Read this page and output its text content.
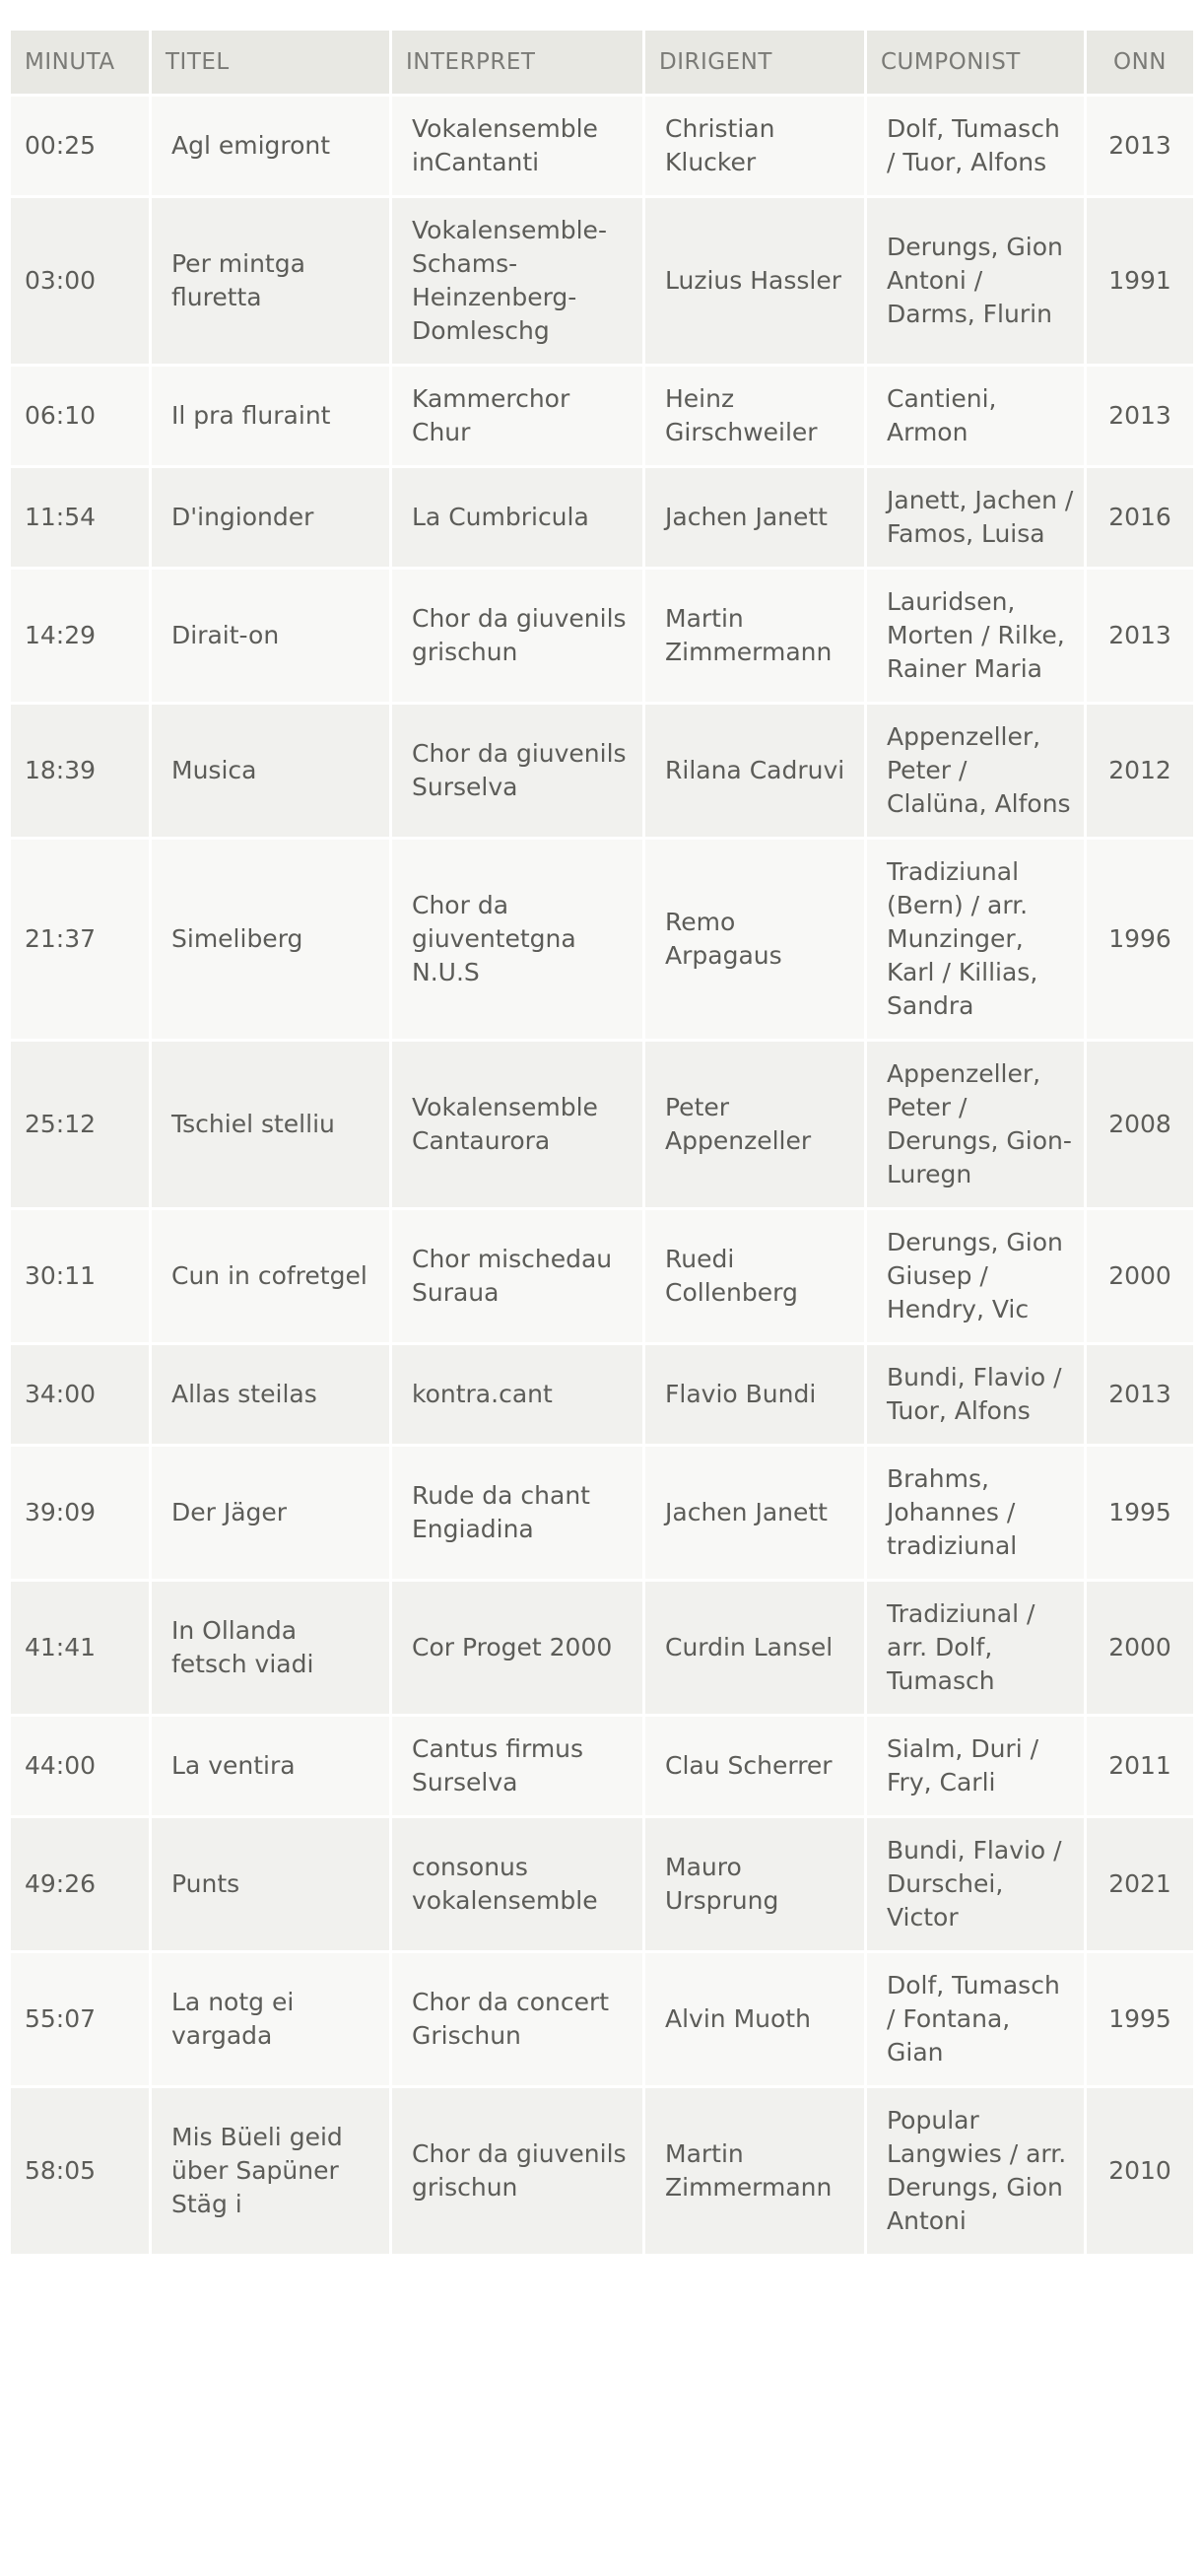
MINUTA	TITEL	INTERPRET	DIRIGENT	CUMPONIST	ONN
00:25	Agl emigront	Vokalensemble inCantanti	Christian Klucker	Dolf, Tumasch / Tuor, Alfons	2013
03:00	Per mintga fluretta	Vokalensemble-Schams-Heinzenberg-Domleschg	Luzius Hassler	Derungs, Gion Antoni / Darms, Flurin	1991
06:10	Il pra fluraint	Kammerchor Chur	Heinz Girschweiler	Cantieni, Armon	2013
11:54	D'ingionder	La Cumbricula	Jachen Janett	Janett, Jachen / Famos, Luisa	2016
14:29	Dirait-on	Chor da giuvenils grischun	Martin Zimmermann	Lauridsen, Morten / Rilke, Rainer Maria	2013
18:39	Musica	Chor da giuvenils Surselva	Rilana Cadruvi	Appenzeller, Peter / Clalüna, Alfons	2012
21:37	Simeliberg	Chor da giuventetgna N.U.S	Remo Arpagaus	Tradiziunal (Bern) / arr. Munzinger, Karl / Killias, Sandra	1996
25:12	Tschiel stelliu	Vokalensemble Cantaurora	Peter Appenzeller	Appenzeller, Peter / Derungs, Gion-Luregn	2008
30:11	Cun in cofretgel	Chor mischedau Suraua	Ruedi Collenberg	Derungs, Gion Giusep / Hendry, Vic	2000
34:00	Allas steilas	kontra.cant	Flavio Bundi	Bundi, Flavio / Tuor, Alfons	2013
39:09	Der Jäger	Rude da chant Engiadina	Jachen Janett	Brahms, Johannes / tradiziunal	1995
41:41	In Ollanda fetsch viadi	Cor Proget 2000	Curdin Lansel	Tradiziunal / arr. Dolf, Tumasch	2000
44:00	La ventira	Cantus firmus Surselva	Clau Scherrer	Sialm, Duri / Fry, Carli	2011
49:26	Punts	consonus vokalensemble	Mauro Ursprung	Bundi, Flavio / Durschei, Victor	2021
55:07	La notg ei vargada	Chor da concert Grischun	Alvin Muoth	Dolf, Tumasch / Fontana, Gian	1995
58:05	Mis Büeli geid über Sapüner Stäg i	Chor da giuvenils grischun	Martin Zimmermann	Popular Langwies / arr. Derungs, Gion Antoni	2010
